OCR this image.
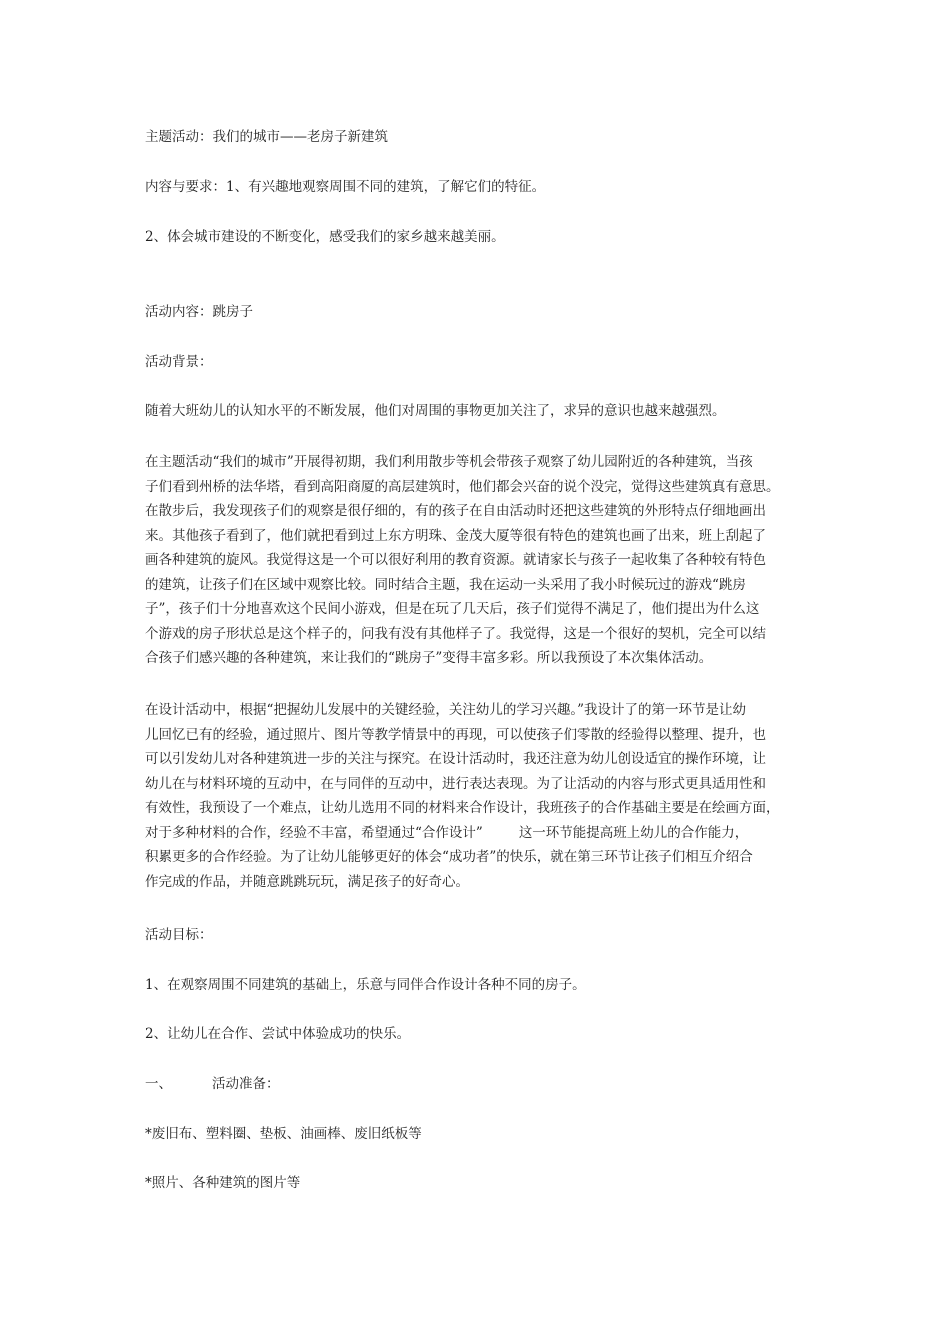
主题活动：我们的城市——老房子新建筑
内容与要求：1、有兴趣地观察周围不同的建筑，了解它们的特征。
2、体会城市建设的不断变化，感受我们的家乡越来越美丽。
活动内容：跳房子
活动背景：
随着大班幼儿的认知水平的不断发展，他们对周围的事物更加关注了，求异的意识也越来越强烈。
在主题活动“我们的城市”开展得初期，我们利用散步等机会带孩子观察了幼儿园附近的各种建筑，当孩
子们看到州桥的法华塔，看到高阳商厦的高层建筑时，他们都会兴奋的说个没完，觉得这些建筑真有意思。
在散步后，我发现孩子们的观察是很仔细的，有的孩子在自由活动时还把这些建筑的外形特点仔细地画出
来。其他孩子看到了，他们就把看到过上东方明珠、金茂大厦等很有特色的建筑也画了出来，班上刮起了
画各种建筑的旋风。我觉得这是一个可以很好利用的教育资源。就请家长与孩子一起收集了各种较有特色
的建筑，让孩子们在区域中观察比较。同时结合主题，我在运动一头采用了我小时候玩过的游戏“跳房
子”，孩子们十分地喜欢这个民间小游戏，但是在玩了几天后，孩子们觉得不满足了，他们提出为什么这
个游戏的房子形状总是这个样子的，问我有没有其他样子了。我觉得，这是一个很好的契机，完全可以结
合孩子们感兴趣的各种建筑，来让我们的“跳房子”变得丰富多彩。所以我预设了本次集体活动。
在设计活动中，根据“把握幼儿发展中的关键经验，关注幼儿的学习兴趣。”我设计了的第一环节是让幼
儿回忆已有的经验，通过照片、图片等教学情景中的再现，可以使孩子们零散的经验得以整理、提升，也
可以引发幼儿对各种建筑进一步的关注与探究。在设计活动时，我还注意为幼儿创设适宜的操作环境，让
幼儿在与材料环境的互动中，在与同伴的互动中，进行表达表现。为了让活动的内容与形式更具适用性和
有效性，我预设了一个难点，让幼儿选用不同的材料来合作设计，我班孩子的合作基础主要是在绘画方面，
对于多种材料的合作，经验不丰富，希望通过“合作设计”	这一环节能提高班上幼儿的合作能力，
积累更多的合作经验。为了让幼儿能够更好的体会“成功者”的快乐，就在第三环节让孩子们相互介绍合
作完成的作品，并随意跳跳玩玩，满足孩子的好奇心。
活动目标：
1、在观察周围不同建筑的基础上，乐意与同伴合作设计各种不同的房子。
2、让幼儿在合作、尝试中体验成功的快乐。
一、	活动准备：
*废旧布、塑料圈、垫板、油画棒、废旧纸板等
*照片、各种建筑的图片等
